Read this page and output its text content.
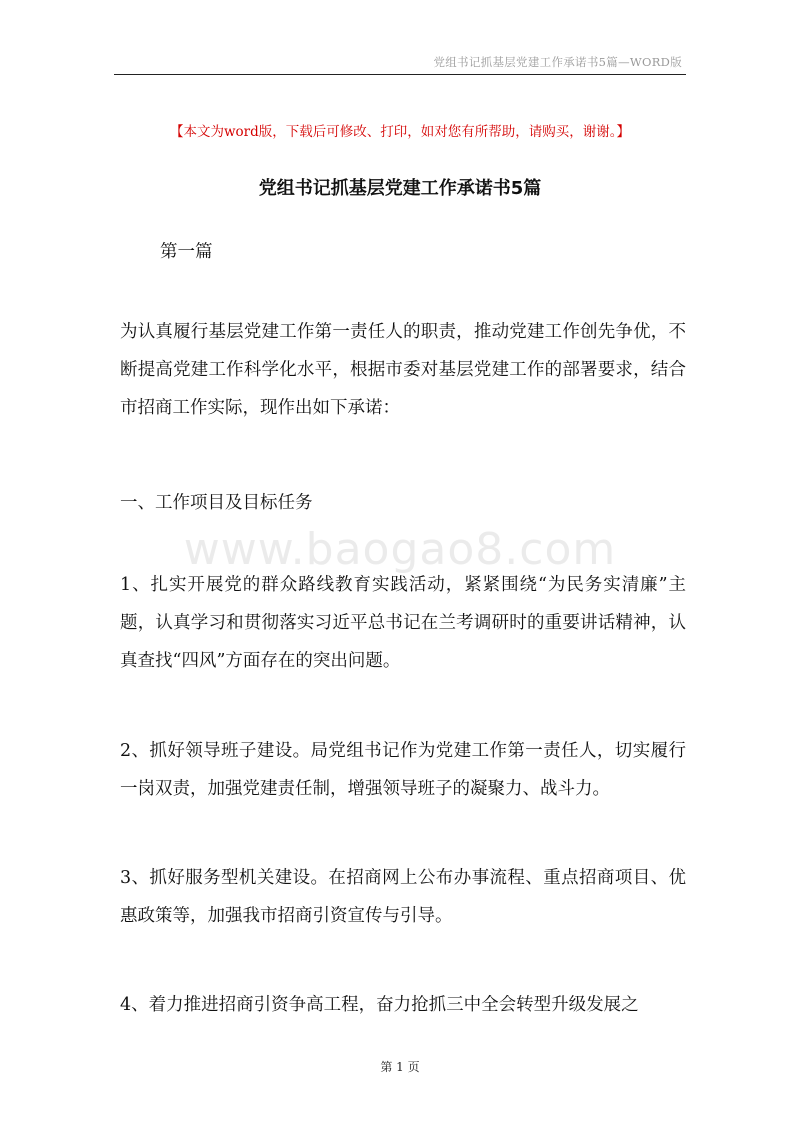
党组书记抓基层党建工作承诺书5篇—WORD版
【本文为word版，下载后可修改、打印，如对您有所帮助，请购买，谢谢。】
党组书记抓基层党建工作承诺书5篇
第一篇
为认真履行基层党建工作第一责任人的职责，推动党建工作创先争优，不断提高党建工作科学化水平，根据市委对基层党建工作的部署要求，结合市招商工作实际，现作出如下承诺：
一、工作项目及目标任务
www.baogao8.com
1、扎实开展党的群众路线教育实践活动，紧紧围绕“为民务实清廉”主题，认真学习和贯彻落实习近平总书记在兰考调研时的重要讲话精神，认真查找“四风”方面存在的突出问题。
2、抓好领导班子建设。局党组书记作为党建工作第一责任人，切实履行一岗双责，加强党建责任制，增强领导班子的凝聚力、战斗力。
3、抓好服务型机关建设。在招商网上公布办事流程、重点招商项目、优惠政策等，加强我市招商引资宣传与引导。
4、着力推进招商引资争高工程，奋力抢抓三中全会转型升级发展之
第 1 页
